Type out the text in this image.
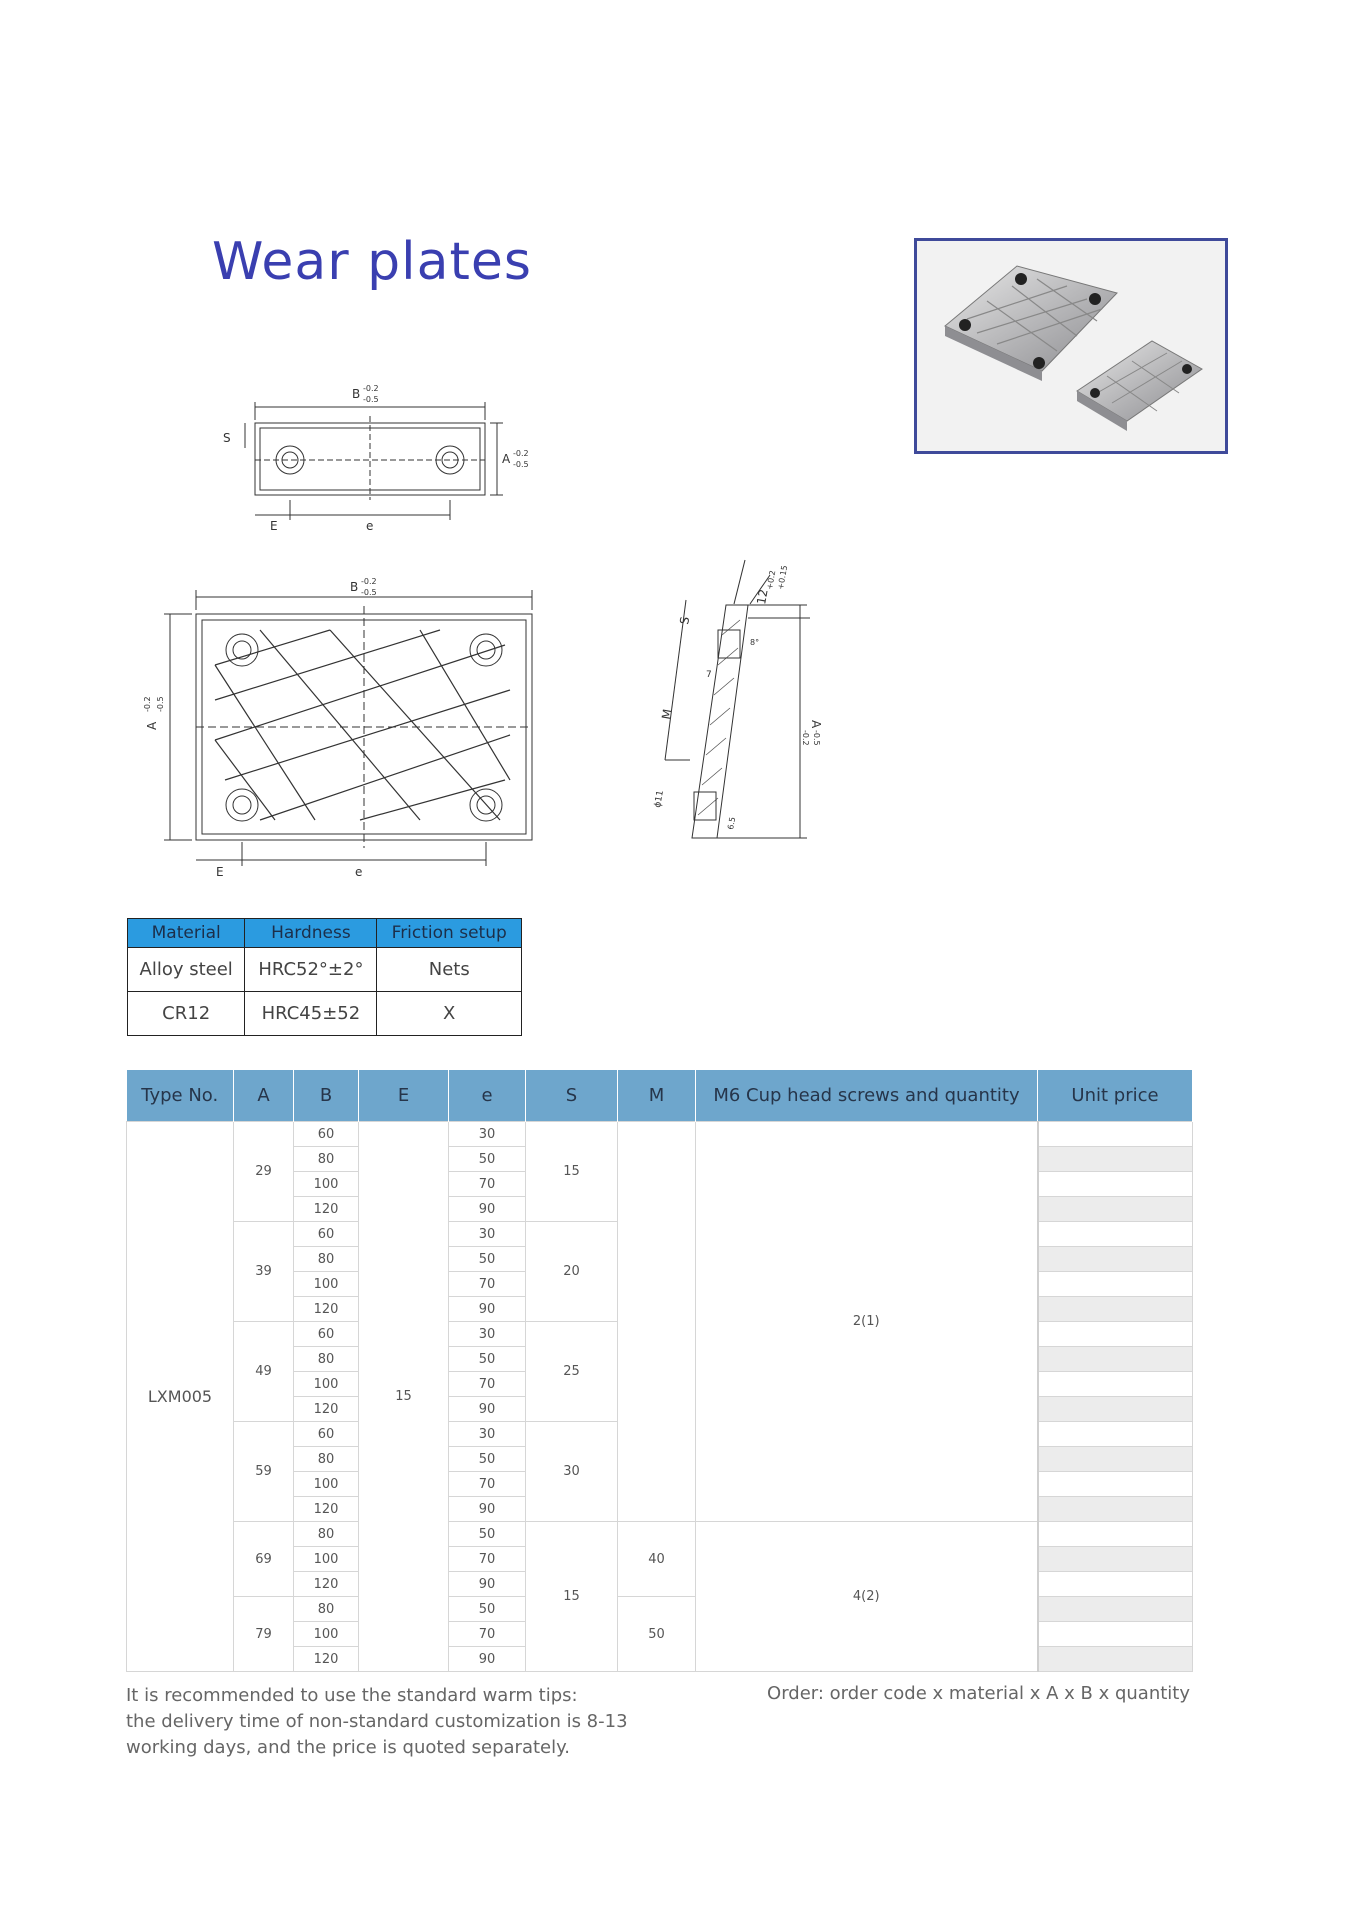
Wear plates
B -0.2
-0.5
S
A -0.2
-0.5
E	e
B -0.2
-0.5
A
-0.2 -0.5
E	e
12
+0.2
+0.15
S
M
A
-0.2 -0.5
ϕ11
6.5
7
8°
Material	Hardness	Friction setup
Alloy steel	HRC52°±2°	Nets
CR12	HRC45±52	X
Type No.	A	B	E	e	S	M	M6 Cup head screws and quantity	Unit price
LXM005	29	60	15	30	15		2(1)	
		80		50				
		100		70				
		120		90				
	39	60		30	20			
		80		50				
		100		70				
		120		90				
	49	60		30	25			
		80		50				
		100		70				
		120		90				
	59	60		30	30			
		80		50				
		100		70				
		120		90				
	69	80		50	15	40	4(2)	
		100		70				
		120		90				
	79	80		50		50		
		100		70				
		120		90				
It is recommended to use the standard warm tips:
the delivery time of non-standard customization is 8-13
working days, and the price is quoted separately.
Order: order code x material x A x B x quantity
